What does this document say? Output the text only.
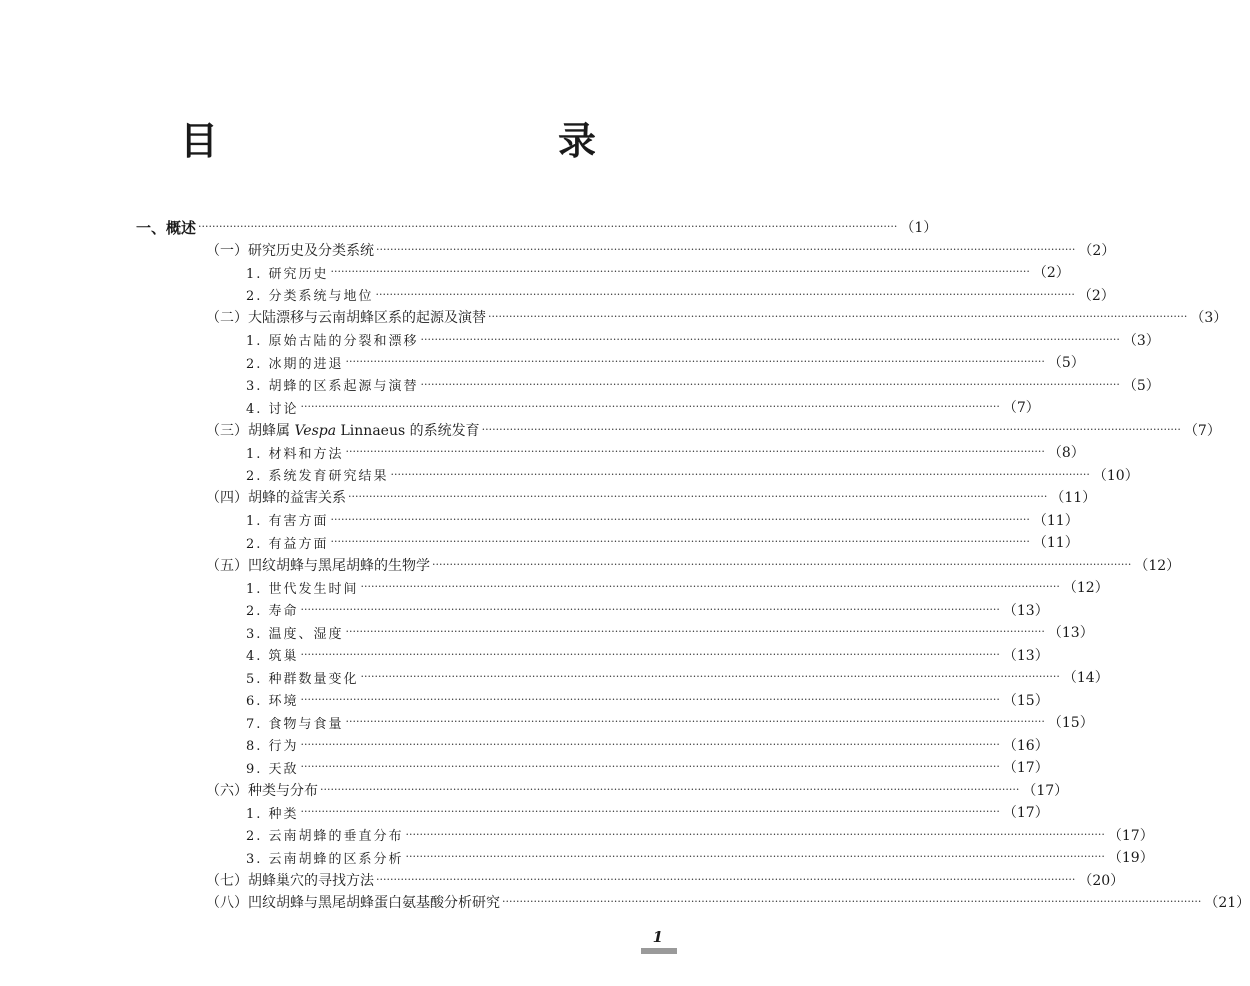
目　　录
一、概述 ········································································································································································································ （1）
（一）研究历史及分类系统 ········································································································································································································ （2）
1. 研究历史 ········································································································································································································ （2）
2. 分类系统与地位 ········································································································································································································ （2）
（二）大陆漂移与云南胡蜂区系的起源及演替 ········································································································································································································ （3）
1. 原始古陆的分裂和漂移 ········································································································································································································ （3）
2. 冰期的进退 ········································································································································································································ （5）
3. 胡蜂的区系起源与演替 ········································································································································································································ （5）
4. 讨论 ········································································································································································································ （7）
（三）胡蜂属 Vespa Linnaeus 的系统发育 ········································································································································································································ （7）
1. 材料和方法 ········································································································································································································ （8）
2. 系统发育研究结果 ········································································································································································································ （10）
（四）胡蜂的益害关系 ········································································································································································································ （11）
1. 有害方面 ········································································································································································································ （11）
2. 有益方面 ········································································································································································································ （11）
（五）凹纹胡蜂与黑尾胡蜂的生物学 ········································································································································································································ （12）
1. 世代发生时间 ········································································································································································································ （12）
2. 寿命 ········································································································································································································ （13）
3. 温度、湿度 ········································································································································································································ （13）
4. 筑巢 ········································································································································································································ （13）
5. 种群数量变化 ········································································································································································································ （14）
6. 环境 ········································································································································································································ （15）
7. 食物与食量 ········································································································································································································ （15）
8. 行为 ········································································································································································································ （16）
9. 天敌 ········································································································································································································ （17）
（六）种类与分布 ········································································································································································································ （17）
1. 种类 ········································································································································································································ （17）
2. 云南胡蜂的垂直分布 ········································································································································································································ （17）
3. 云南胡蜂的区系分析 ········································································································································································································ （19）
（七）胡蜂巢穴的寻找方法 ········································································································································································································ （20）
（八）凹纹胡蜂与黑尾胡蜂蛋白氨基酸分析研究 ········································································································································································································ （21）
1
